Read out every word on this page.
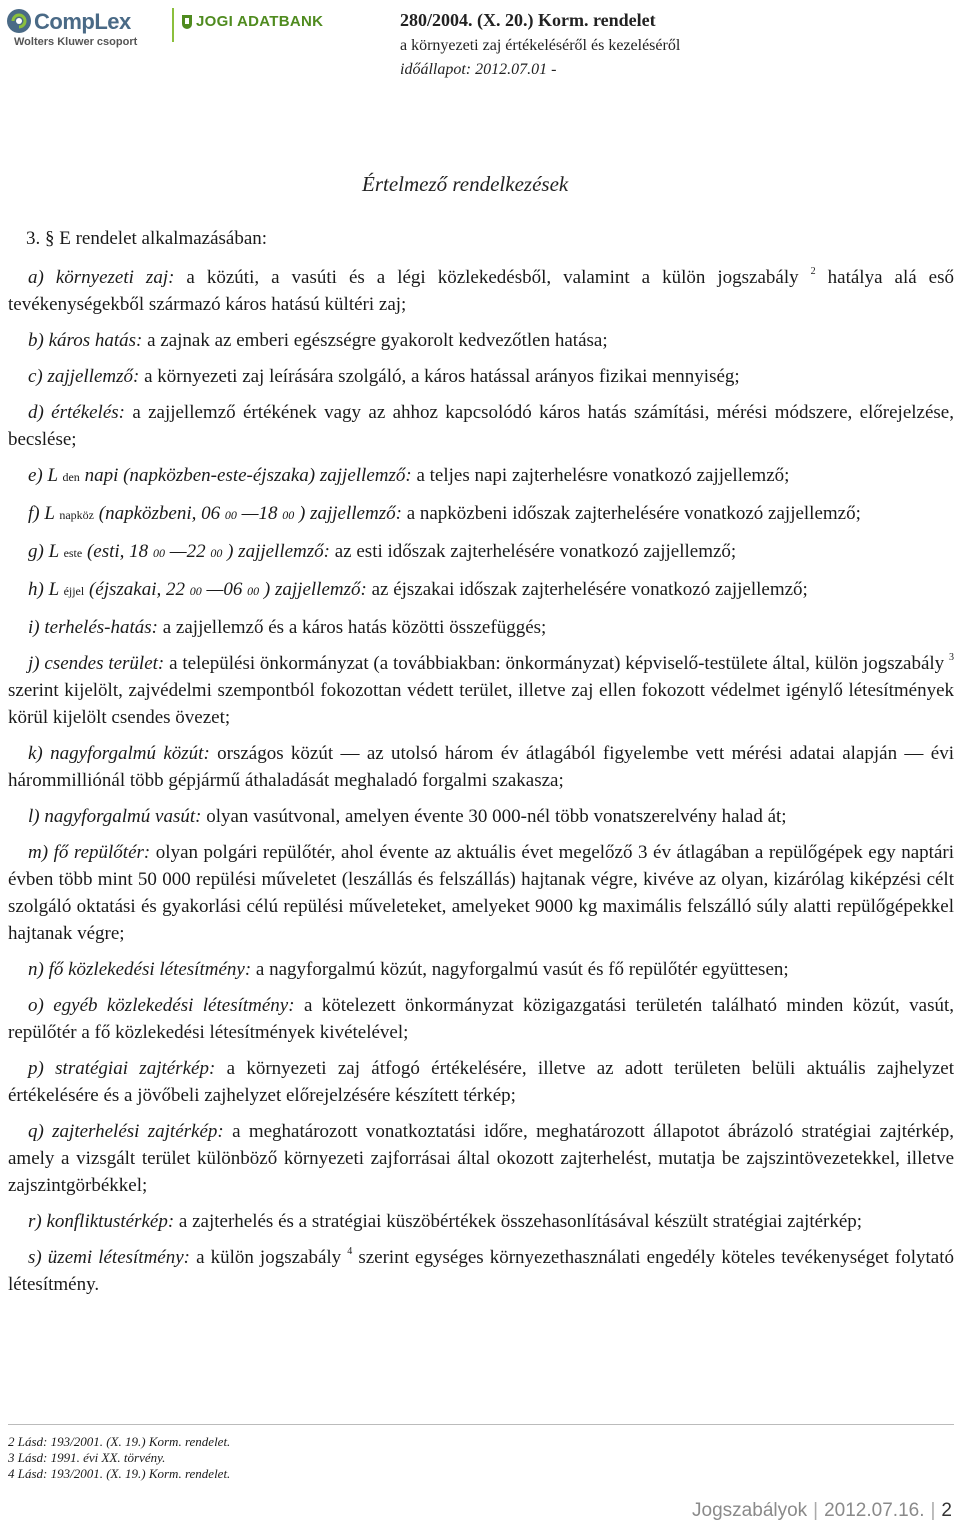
CompLex
Wolters Kluwer csoport
JOGI ADATBANK	280/2004. (X. 20.) Korm. rendelet
a környezeti zaj értékeléséről és kezeléséről
időállapot: 2012.07.01 -
Értelmező rendelkezések
3. § E rendelet alkalmazásában:

a) környezeti zaj: a közúti, a vasúti és a légi közlekedésből, valamint a külön jogszabály $^2$ hatálya alá eső tevékenységekből származó káros hatású kültéri zaj;

b) káros hatás: a zajnak az emberi egészségre gyakorolt kedvezőtlen hatása;

c) zajjellemző: a környezeti zaj leírására szolgáló, a káros hatással arányos fizikai mennyiség;

d) értékelés: a zajjellemző értékének vagy az ahhoz kapcsolódó káros hatás számítási, mérési módszere, előrejelzése, becslése;

e) L den napi (napközben-este-éjszaka) zajjellemző: a teljes napi zajterhelésre vonatkozó zajjellemző;

f) L napköz (napközbeni, 06 00 —18 00 ) zajjellemző: a napközbeni időszak zajterhelésére vonatkozó zajjellemző;

g) L este (esti, 18 00 —22 00 ) zajjellemző: az esti időszak zajterhelésére vonatkozó zajjellemző;

h) L éjjel (éjszakai, 22 00 —06 00 ) zajjellemző: az éjszakai időszak zajterhelésére vonatkozó zajjellemző;

i) terhelés-hatás: a zajjellemző és a káros hatás közötti összefüggés;

j) csendes terület: a települési önkormányzat (a továbbiakban: önkormányzat) képviselő-testülete által, külön jogszabály $^3$ szerint kijelölt, zajvédelmi szempontból fokozottan védett terület, illetve zaj ellen fokozott védelmet igénylő létesítmények körül kijelölt csendes övezet;

k) nagyforgalmú közút: országos közút — az utolsó három év átlagából figyelembe vett mérési adatai alapján — évi hárommilliónál több gépjármű áthaladását meghaladó forgalmi szakasza;

l) nagyforgalmú vasút: olyan vasútvonal, amelyen évente 30 000-nél több vonatszerelvény halad át;

m) fő repülőtér: olyan polgári repülőtér, ahol évente az aktuális évet megelőző 3 év átlagában a repülőgépek egy naptári évben több mint 50 000 repülési műveletet (leszállás és felszállás) hajtanak végre, kivéve az olyan, kizárólag kiképzési célt szolgáló oktatási és gyakorlási célú repülési műveleteket, amelyeket 9000 kg maximális felszálló súly alatti repülőgépekkel hajtanak végre;

n) fő közlekedési létesítmény: a nagyforgalmú közút, nagyforgalmú vasút és fő repülőtér együttesen;

o) egyéb közlekedési létesítmény: a kötelezett önkormányzat közigazgatási területén található minden közút, vasút, repülőtér a fő közlekedési létesítmények kivételével;

p) stratégiai zajtérkép: a környezeti zaj átfogó értékelésére, illetve az adott területen belüli aktuális zajhelyzet értékelésére és a jövőbeli zajhelyzet előrejelzésére készített térkép;

q) zajterhelési zajtérkép: a meghatározott vonatkoztatási időre, meghatározott állapotot ábrázoló stratégiai zajtérkép, amely a vizsgált terület különböző környezeti zajforrásai által okozott zajterhelést, mutatja be zajszintövezetekkel, illetve zajszintgörbékkel;

r) konfliktustérkép: a zajterhelés és a stratégiai küszöbértékek összehasonlításával készült stratégiai zajtérkép;

s) üzemi létesítmény: a külön jogszabály $^4$ szerint egységes környezethasználati engedély köteles tevékenységet folytató létesítmény.

2 Lásd: 193/2001. (X. 19.) Korm. rendelet.
3 Lásd: 1991. évi XX. törvény.
4 Lásd: 193/2001. (X. 19.) Korm. rendelet.
Jogszabályok | 2012.07.16. | 2
